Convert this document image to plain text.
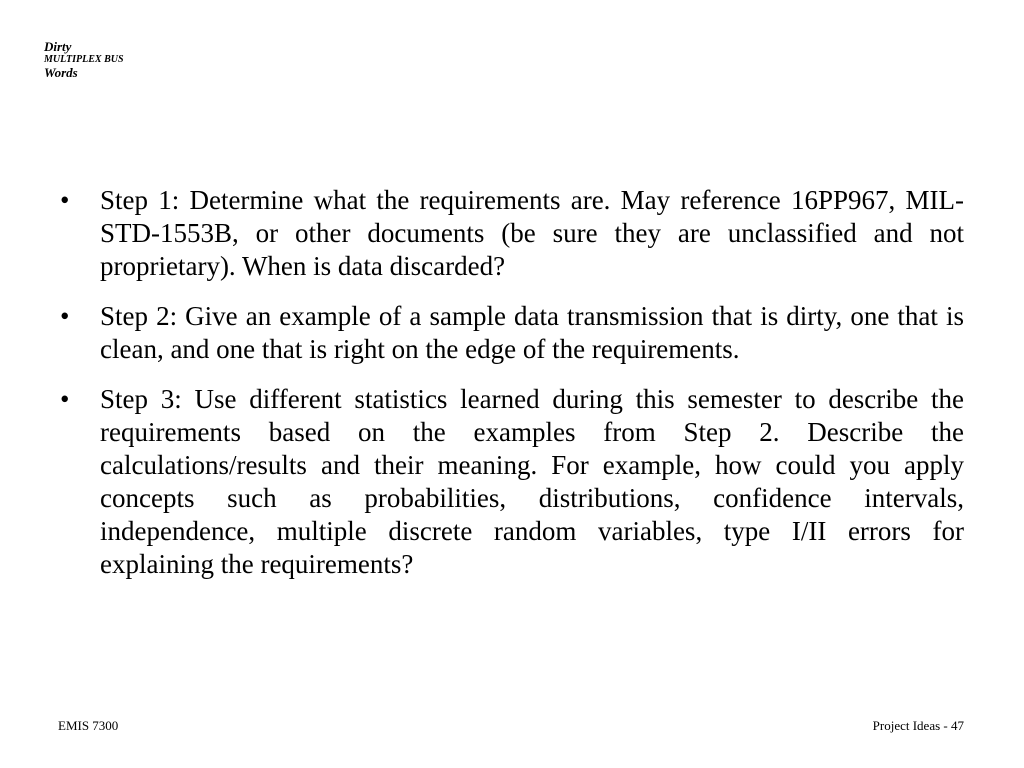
Dirty
MULTIPLEX BUS
Words
•	Step 1: Determine what the requirements are. May reference 16PP967, MIL-STD-1553B, or other documents (be sure they are unclassified and not proprietary). When is data discarded?
•	Step 2: Give an example of a sample data transmission that is dirty, one that is clean, and one that is right on the edge of the requirements.
•	Step 3: Use different statistics learned during this semester to describe the requirements based on the examples from Step 2. Describe the calculations/results and their meaning. For example, how could you apply concepts such as probabilities, distributions, confidence intervals, independence, multiple discrete random variables, type I/II errors for explaining the requirements?
EMIS 7300	Project Ideas - 47
